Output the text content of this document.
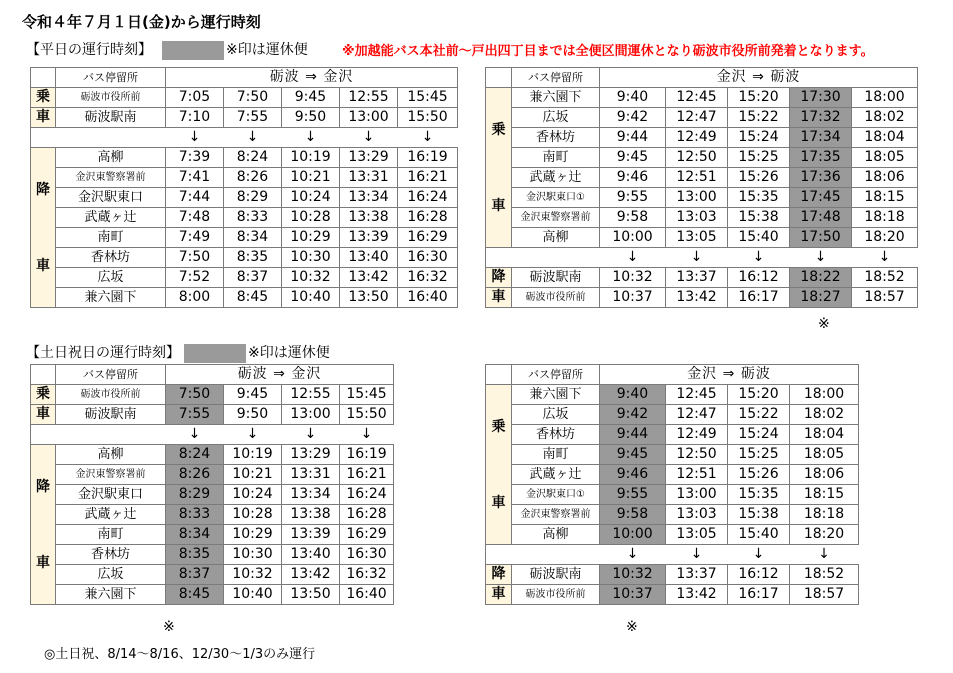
令和４年７月１日(金)から運行時刻
【平日の運行時刻】	※印は運休便	※加越能バス本社前～戸出四丁目までは全便区間運休となり砺波市役所前発着となります。
	バス停留所	砺波 ⇒ 金沢				
乗	砺波市役所前	7:05	7:50	9:45	12:55	15:45
車	砺波駅南	7:10	7:55	9:50	13:00	15:50
		↓	↓	↓	↓	↓

降
車	高柳	7:39	8:24	10:19	13:29	16:19
	金沢東警察署前	7:41	8:26	10:21	13:31	16:21
	金沢駅東口	7:44	8:29	10:24	13:34	16:24
	武蔵ヶ辻	7:48	8:33	10:28	13:38	16:28
	南町	7:49	8:34	10:29	13:39	16:29
	香林坊	7:50	8:35	10:30	13:40	16:30
	広坂	7:52	8:37	10:32	13:42	16:32
	兼六園下	8:00	8:45	10:40	13:50	16:40
	バス停留所	金沢 ⇒ 砺波				

乗
車	兼六園下	9:40	12:45	15:20	17:30	18:00
	広坂	9:42	12:47	15:22	17:32	18:02
	香林坊	9:44	12:49	15:24	17:34	18:04
	南町	9:45	12:50	15:25	17:35	18:05
	武蔵ヶ辻	9:46	12:51	15:26	17:36	18:06
	金沢駅東口①	9:55	13:00	15:35	17:45	18:15
	金沢東警察署前	9:58	13:03	15:38	17:48	18:18
	高柳	10:00	13:05	15:40	17:50	18:20
		↓	↓	↓	↓	↓
降	砺波駅南	10:32	13:37	16:12	18:22	18:52
車	砺波市役所前	10:37	13:42	16:17	18:27	18:57
※
【土日祝日の運行時刻】	※印は運休便
	バス停留所	砺波 ⇒ 金沢			
乗	砺波市役所前	7:50	9:45	12:55	15:45
車	砺波駅南	7:55	9:50	13:00	15:50
		↓	↓	↓	↓

降
車	高柳	8:24	10:19	13:29	16:19
	金沢東警察署前	8:26	10:21	13:31	16:21
	金沢駅東口	8:29	10:24	13:34	16:24
	武蔵ヶ辻	8:33	10:28	13:38	16:28
	南町	8:34	10:29	13:39	16:29
	香林坊	8:35	10:30	13:40	16:30
	広坂	8:37	10:32	13:42	16:32
	兼六園下	8:45	10:40	13:50	16:40
	バス停留所	金沢 ⇒ 砺波			

乗
車	兼六園下	9:40	12:45	15:20	18:00
	広坂	9:42	12:47	15:22	18:02
	香林坊	9:44	12:49	15:24	18:04
	南町	9:45	12:50	15:25	18:05
	武蔵ヶ辻	9:46	12:51	15:26	18:06
	金沢駅東口①	9:55	13:00	15:35	18:15
	金沢東警察署前	9:58	13:03	15:38	18:18
	高柳	10:00	13:05	15:40	18:20
		↓	↓	↓	↓
降	砺波駅南	10:32	13:37	16:12	18:52
車	砺波市役所前	10:37	13:42	16:17	18:57
※	※
◎土日祝、8/14～8/16、12/30～1/3のみ運行
